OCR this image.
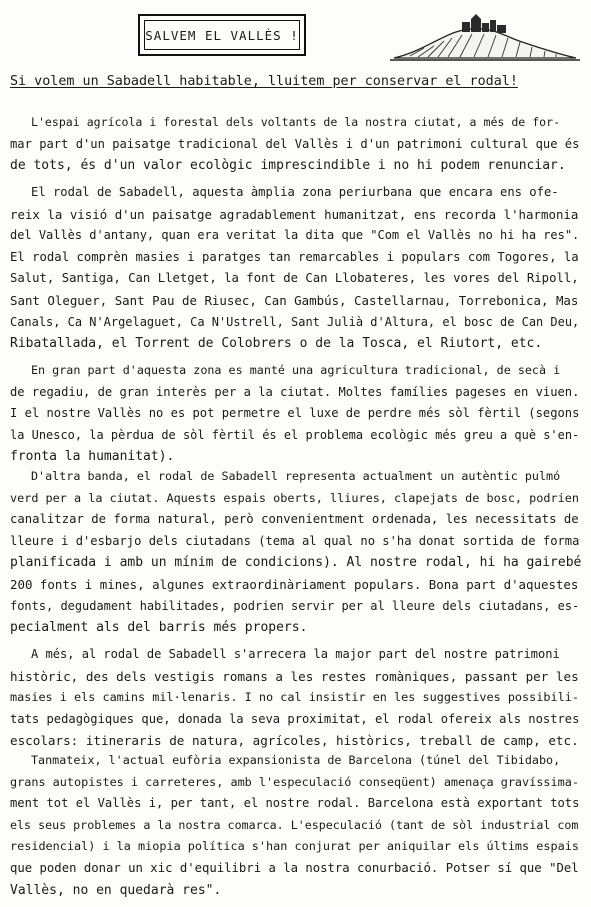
SALVEM EL VALLÈS !
Si volem un Sabadell habitable, lluitem per conservar el rodal!
L'espai agrícola i forestal dels voltants de la nostra ciutat, a més de for-
mar part d'un paisatge tradicional del Vallès i d'un patrimoni cultural que és
de tots, és d'un valor ecològic imprescindible i no hi podem renunciar.
El rodal de Sabadell, aquesta àmplia zona periurbana que encara ens ofe-
reix la visió d'un paisatge agradablement humanitzat, ens recorda l'harmonia
del Vallès d'antany, quan era veritat la dita que "Com el Vallès no hi ha res".
El rodal comprèn masies i paratges tan remarcables i populars com Togores, la
Salut, Santiga, Can Lletget, la font de Can Llobateres, les vores del Ripoll,
Sant Oleguer, Sant Pau de Riusec, Can Gambús, Castellarnau, Torrebonica, Mas
Canals, Ca N'Argelaguet, Ca N'Ustrell, Sant Julià d'Altura, el bosc de Can Deu,
Ribatallada, el Torrent de Colobrers o de la Tosca, el Riutort, etc.
En gran part d'aquesta zona es manté una agricultura tradicional, de secà i
de regadiu, de gran interès per a la ciutat. Moltes famílies pageses en viuen.
I el nostre Vallès no es pot permetre el luxe de perdre més sòl fèrtil (segons
la Unesco, la pèrdua de sòl fèrtil és el problema ecològic més greu a què s'en-
fronta la humanitat).
D'altra banda, el rodal de Sabadell representa actualment un autèntic pulmó
verd per a la ciutat. Aquests espais oberts, lliures, clapejats de bosc, podrien
canalitzar de forma natural, però convenientment ordenada, les necessitats de
lleure i d'esbarjo dels ciutadans (tema al qual no s'ha donat sortida de forma
planificada i amb un mínim de condicions). Al nostre rodal, hi ha gairebé
200 fonts i mines, algunes extraordinàriament populars. Bona part d'aquestes
fonts, degudament habilitades, podrien servir per al lleure dels ciutadans, es-
pecialment als del barris més propers.
A més, al rodal de Sabadell s'arrecera la major part del nostre patrimoni
històric, des dels vestigis romans a les restes romàniques, passant per les
masies i els camins mil·lenaris. I no cal insistir en les suggestives possibili-
tats pedagògiques que, donada la seva proximitat, el rodal ofereix als nostres
escolars: itineraris de natura, agrícoles, històrics, treball de camp, etc.
Tanmateix, l'actual eufòria expansionista de Barcelona (túnel del Tibidabo,
grans autopistes i carreteres, amb l'especulació conseqüent) amenaça gravíssima-
ment tot el Vallès i, per tant, el nostre rodal. Barcelona està exportant tots
els seus problemes a la nostra comarca. L'especulació (tant de sòl industrial com
residencial) i la miopia política s'han conjurat per aniquilar els últims espais
que poden donar un xic d'equilibri a la nostra conurbació. Potser sí que "Del
Vallès, no en quedarà res".
